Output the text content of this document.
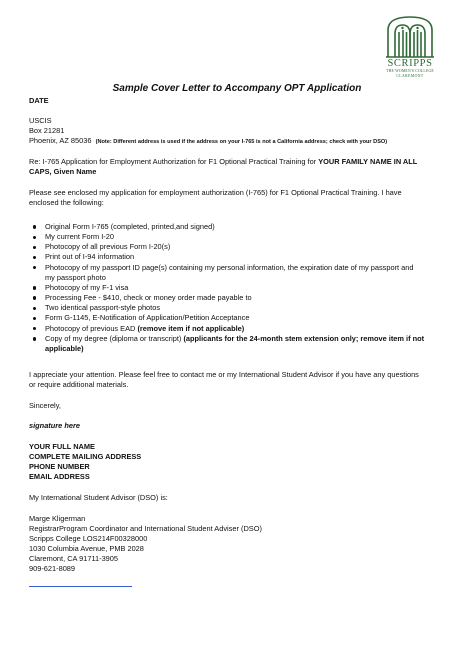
SCRIPPS
THE WOMEN'S COLLEGE
CLAREMONT
Sample Cover Letter to Accompany OPT Application
DATE
USCIS
Box 21281
Phoenix, AZ 85036 (Note: Different address is used if the address on your I-765 is not a California address; check with your DSO)
Re: I-765 Application for Employment Authorization for F1 Optional Practical Training for YOUR FAMILY NAME IN ALL
CAPS, Given Name
Please see enclosed my application for employment authorization (I-765) for F1 Optional Practical Training. I have
enclosed the following:
Original Form I-765 (completed, printed,and signed)
My current Form I-20
Photocopy of all previous Form I-20(s)
Print out of I-94 information
Photocopy of my passport ID page(s) containing my personal information, the expiration date of my passport and
my passport photo
Photocopy of my F-1 visa
Processing Fee - $410, check or money order made payable to
Two identical passport-style photos
Form G-1145, E-Notification of Application/Petition Acceptance
Photocopy of previous EAD (remove item if not applicable)
Copy of my degree (diploma or transcript) (applicants for the 24-month stem extension only; remove item if not
applicable)
I appreciate your attention. Please feel free to contact me or my International Student Advisor if you have any questions
or require additional materials.
Sincerely,
signature here
YOUR FULL NAME
COMPLETE MAILING ADDRESS
PHONE NUMBER
EMAIL ADDRESS
My International Student Advisor (DSO) is:
Marge Kligerman
RegistrarProgram Coordinator and International Student Adviser (DSO)
Scripps College LOS214F00328000
1030 Columbia Avenue, PMB 2028
Claremont, CA 91711-3905
909-621-8089
